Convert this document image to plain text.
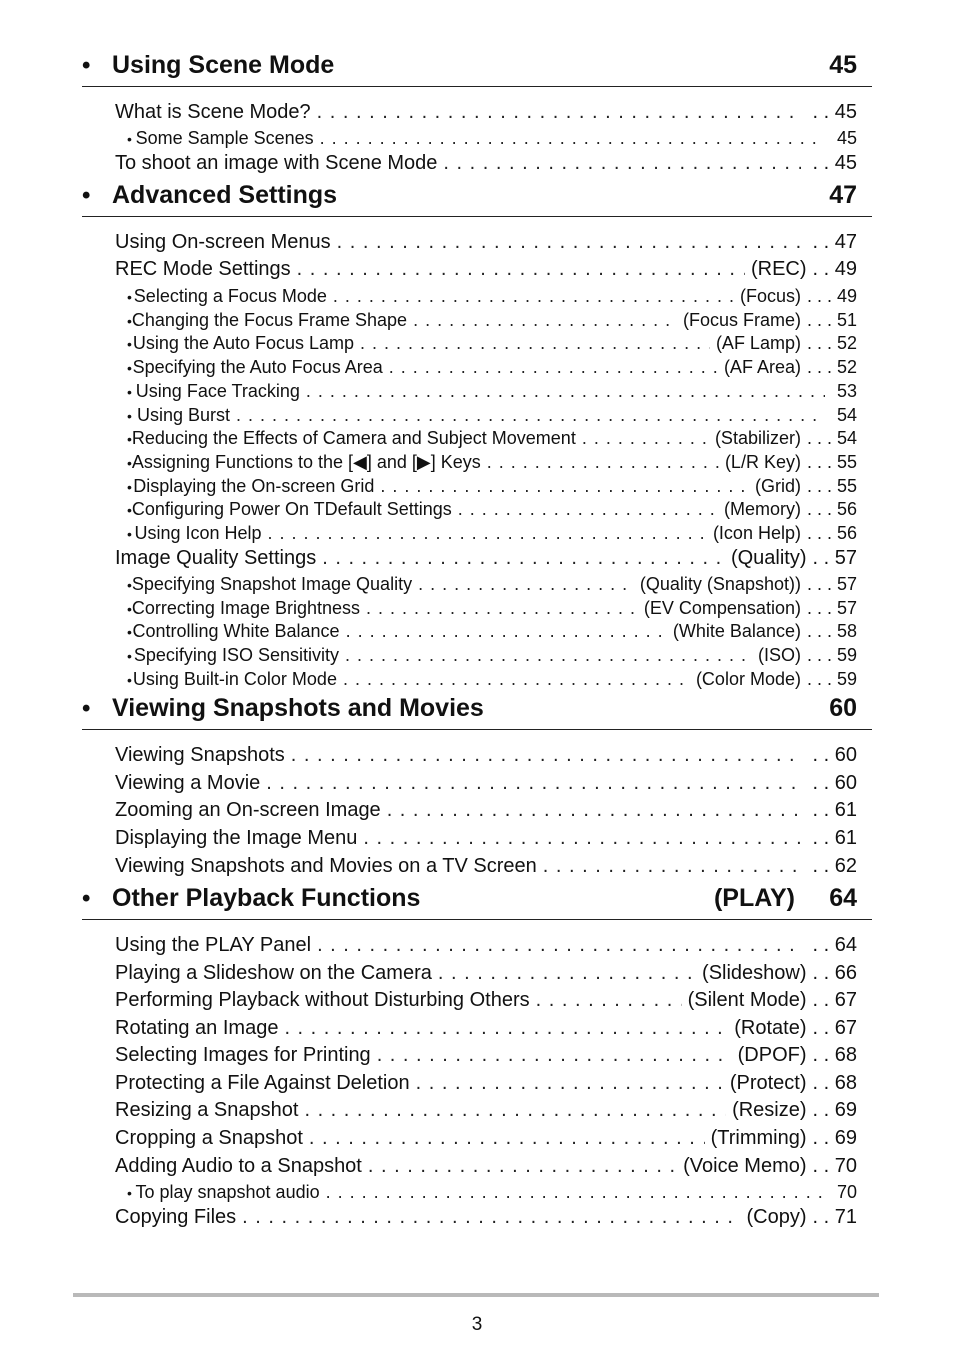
• Using Scene Mode	45
What is Scene Mode? . . .	. . 45
• Some Sample Scenes . . .	45
To shoot an image with Scene Mode . . .	. . 45
• Advanced Settings	47
Using On-screen Menus . . .	. . 47
REC Mode Settings . . .	(REC) . . 49
• Selecting a Focus Mode . . .	(Focus) . . . 49
• Changing the Focus Frame Shape . . .	(Focus Frame) . . . 51
• Using the Auto Focus Lamp . . .	(AF Lamp) . . . 52
• Specifying the Auto Focus Area . . .	(AF Area) . . . 52
• Using Face Tracking . . .	53
• Using Burst . . .	54
• Reducing the Effects of Camera and Subject Movement . . .	(Stabilizer) . . . 54
• Assigning Functions to the [◀] and [▶] Keys . . .	(L/R Key) . . . 55
• Displaying the On-screen Grid . . .	(Grid) . . . 55
• Configuring Power On TDefault Settings . . .	(Memory) . . . 56
• Using Icon Help . . .	(Icon Help) . . . 56
Image Quality Settings . . .	(Quality) . . 57
• Specifying Snapshot Image Quality . . .	(Quality (Snapshot)) . . . 57
• Correcting Image Brightness . . .	(EV Compensation) . . . 57
• Controlling White Balance . . .	(White Balance) . . . 58
• Specifying ISO Sensitivity . . .	(ISO) . . . 59
• Using Built-in Color Mode . . .	(Color Mode) . . . 59
• Viewing Snapshots and Movies	60
Viewing Snapshots . . .	. . 60
Viewing a Movie . . .	. . 60
Zooming an On-screen Image . . .	. . 61
Displaying the Image Menu . . .	. . 61
Viewing Snapshots and Movies on a TV Screen . . .	. . 62
• Other Playback Functions	(PLAY) 64
Using the PLAY Panel . . .	. . 64
Playing a Slideshow on the Camera . . .	(Slideshow) . . 66
Performing Playback without Disturbing Others . . .	(Silent Mode) . . 67
Rotating an Image . . .	(Rotate) . . 67
Selecting Images for Printing . . .	(DPOF) . . 68
Protecting a File Against Deletion . . .	(Protect) . . 68
Resizing a Snapshot . . .	(Resize) . . 69
Cropping a Snapshot . . .	(Trimming) . . 69
Adding Audio to a Snapshot . . .	(Voice Memo) . . 70
• To play snapshot audio . . .	70
Copying Files . . .	(Copy) . . 71
3
